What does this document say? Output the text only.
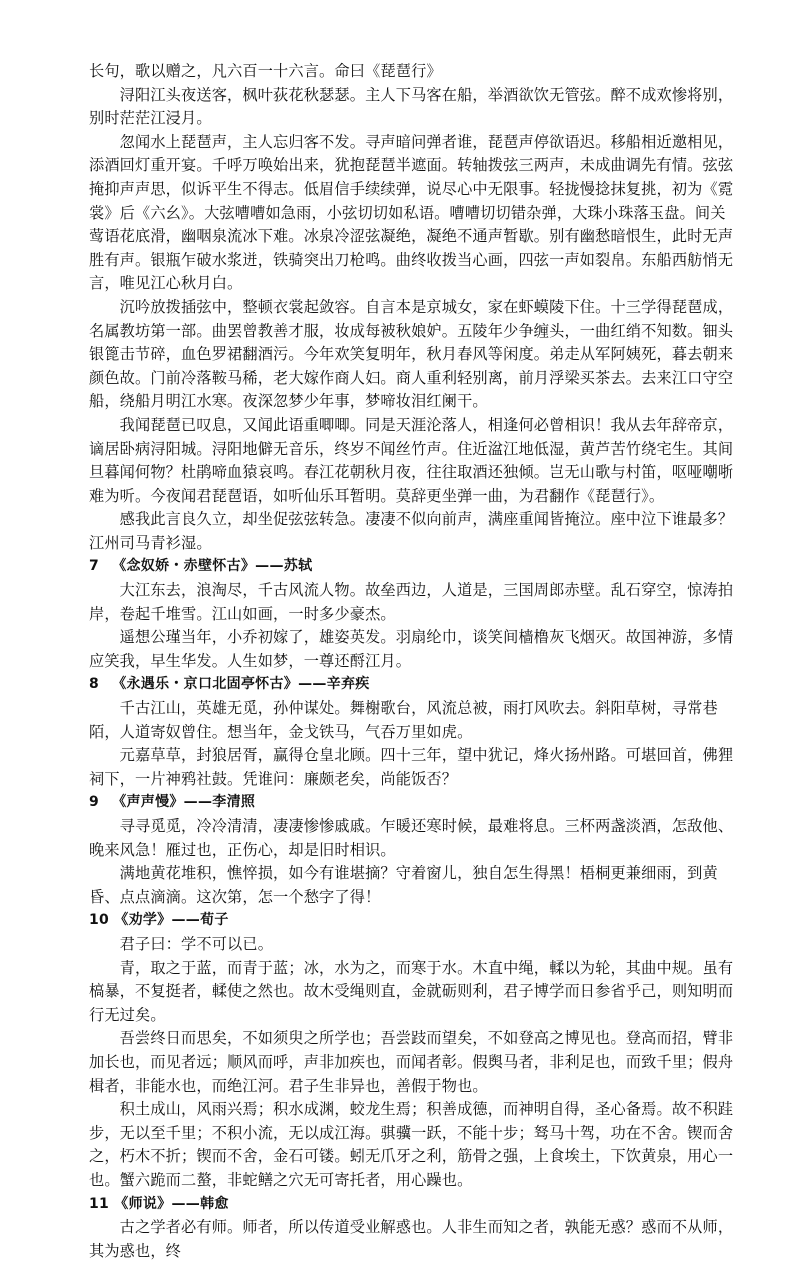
长句，歌以赠之，凡六百一十六言。命曰《琵琶行》

　　浔阳江头夜送客，枫叶荻花秋瑟瑟。主人下马客在船，举酒欲饮无管弦。醉不成欢惨将别，别时茫茫江浸月。

　　忽闻水上琵琶声，主人忘归客不发。寻声暗问弹者谁，琵琶声停欲语迟。移船相近邀相见，添酒回灯重开宴。千呼万唤始出来，犹抱琵琶半遮面。转轴拨弦三两声，未成曲调先有情。弦弦掩抑声声思，似诉平生不得志。低眉信手续续弹，说尽心中无限事。轻拢慢捻抹复挑，初为《霓裳》后《六幺》。大弦嘈嘈如急雨，小弦切切如私语。嘈嘈切切错杂弹，大珠小珠落玉盘。间关莺语花底滑，幽咽泉流冰下难。冰泉冷涩弦凝绝，凝绝不通声暂歇。别有幽愁暗恨生，此时无声胜有声。银瓶乍破水浆迸，铁骑突出刀枪鸣。曲终收拨当心画，四弦一声如裂帛。东船西舫悄无言，唯见江心秋月白。

　　沉吟放拨插弦中，整顿衣裳起敛容。自言本是京城女，家在虾蟆陵下住。十三学得琵琶成，名属教坊第一部。曲罢曾教善才服，妆成每被秋娘妒。五陵年少争缠头，一曲红绡不知数。钿头银篦击节碎，血色罗裙翻酒污。今年欢笑复明年，秋月春风等闲度。弟走从军阿姨死，暮去朝来颜色故。门前冷落鞍马稀，老大嫁作商人妇。商人重利轻别离，前月浮梁买茶去。去来江口守空船，绕船月明江水寒。夜深忽梦少年事，梦啼妆泪红阑干。

　　我闻琵琶已叹息，又闻此语重唧唧。同是天涯沦落人，相逢何必曾相识！我从去年辞帝京，谪居卧病浔阳城。浔阳地僻无音乐，终岁不闻丝竹声。住近湓江地低湿，黄芦苦竹绕宅生。其间旦暮闻何物？杜鹃啼血猿哀鸣。春江花朝秋月夜，往往取酒还独倾。岂无山歌与村笛，呕哑嘲哳难为听。今夜闻君琵琶语，如听仙乐耳暂明。莫辞更坐弹一曲，为君翻作《琵琶行》。

　　感我此言良久立，却坐促弦弦转急。凄凄不似向前声，满座重闻皆掩泣。座中泣下谁最多？江州司马青衫湿。

7 《念奴娇・赤壁怀古》——苏轼

　　大江东去，浪淘尽，千古风流人物。故垒西边，人道是，三国周郎赤壁。乱石穿空，惊涛拍岸，卷起千堆雪。江山如画，一时多少豪杰。

　　遥想公瑾当年，小乔初嫁了，雄姿英发。羽扇纶巾，谈笑间樯橹灰飞烟灭。故国神游，多情应笑我，早生华发。人生如梦，一尊还酹江月。

8 《永遇乐・京口北固亭怀古》——辛弃疾

　　千古江山，英雄无觅，孙仲谋处。舞榭歌台，风流总被，雨打风吹去。斜阳草树，寻常巷陌，人道寄奴曾住。想当年，金戈铁马，气吞万里如虎。

　　元嘉草草，封狼居胥，赢得仓皇北顾。四十三年，望中犹记，烽火扬州路。可堪回首，佛狸祠下，一片神鸦社鼓。凭谁问：廉颇老矣，尚能饭否？

9 《声声慢》——李清照

　　寻寻觅觅，冷冷清清，凄凄惨惨戚戚。乍暖还寒时候，最难将息。三杯两盏淡酒，怎敌他、晚来风急！雁过也，正伤心，却是旧时相识。

　　满地黄花堆积，憔悴损，如今有谁堪摘？守着窗儿，独自怎生得黑！梧桐更兼细雨，到黄昏、点点滴滴。这次第，怎一个愁字了得！

10 《劝学》——荀子

　　君子曰：学不可以已。

　　青，取之于蓝，而青于蓝；冰，水为之，而寒于水。木直中绳，輮以为轮，其曲中规。虽有槁暴，不复挺者，輮使之然也。故木受绳则直，金就砺则利，君子博学而日参省乎己，则知明而行无过矣。

　　吾尝终日而思矣，不如须臾之所学也；吾尝跂而望矣，不如登高之博见也。登高而招，臂非加长也，而见者远；顺风而呼，声非加疾也，而闻者彰。假舆马者，非利足也，而致千里；假舟楫者，非能水也，而绝江河。君子生非异也，善假于物也。

　　积土成山，风雨兴焉；积水成渊，蛟龙生焉；积善成德，而神明自得，圣心备焉。故不积跬步，无以至千里；不积小流，无以成江海。骐骥一跃，不能十步；驽马十驾，功在不舍。锲而舍之，朽木不折；锲而不舍，金石可镂。蚓无爪牙之利，筋骨之强，上食埃土，下饮黄泉，用心一也。蟹六跪而二螯，非蛇鳝之穴无可寄托者，用心躁也。

11 《师说》——韩愈

　　古之学者必有师。师者，所以传道受业解惑也。人非生而知之者，孰能无惑？惑而不从师，其为惑也，终
